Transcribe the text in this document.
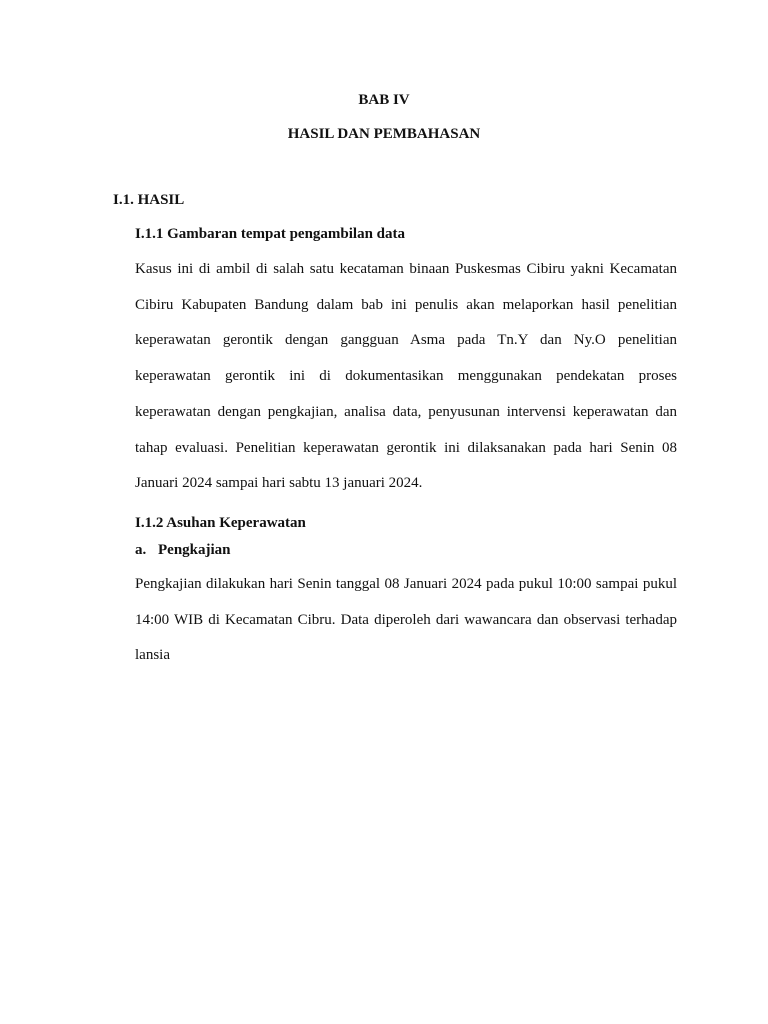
BAB IV
HASIL DAN PEMBAHASAN
I.1. HASIL
I.1.1 Gambaran tempat pengambilan data

Kasus ini di ambil di salah satu kecataman binaan Puskesmas Cibiru yakni Kecamatan Cibiru Kabupaten Bandung dalam bab ini penulis akan melaporkan hasil penelitian keperawatan gerontik dengan gangguan Asma pada Tn.Y dan Ny.O penelitian keperawatan gerontik ini di dokumentasikan menggunakan pendekatan proses keperawatan dengan pengkajian, analisa data, penyusunan intervensi keperawatan dan tahap evaluasi. Penelitian keperawatan gerontik ini dilaksanakan pada hari Senin 08 Januari 2024 sampai hari sabtu 13 januari 2024.

I.1.2 Asuhan Keperawatan
a. Pengkajian

Pengkajian dilakukan hari Senin tanggal 08 Januari 2024 pada pukul 10:00 sampai pukul 14:00 WIB di Kecamatan Cibru. Data diperoleh dari wawancara dan observasi terhadap lansia
